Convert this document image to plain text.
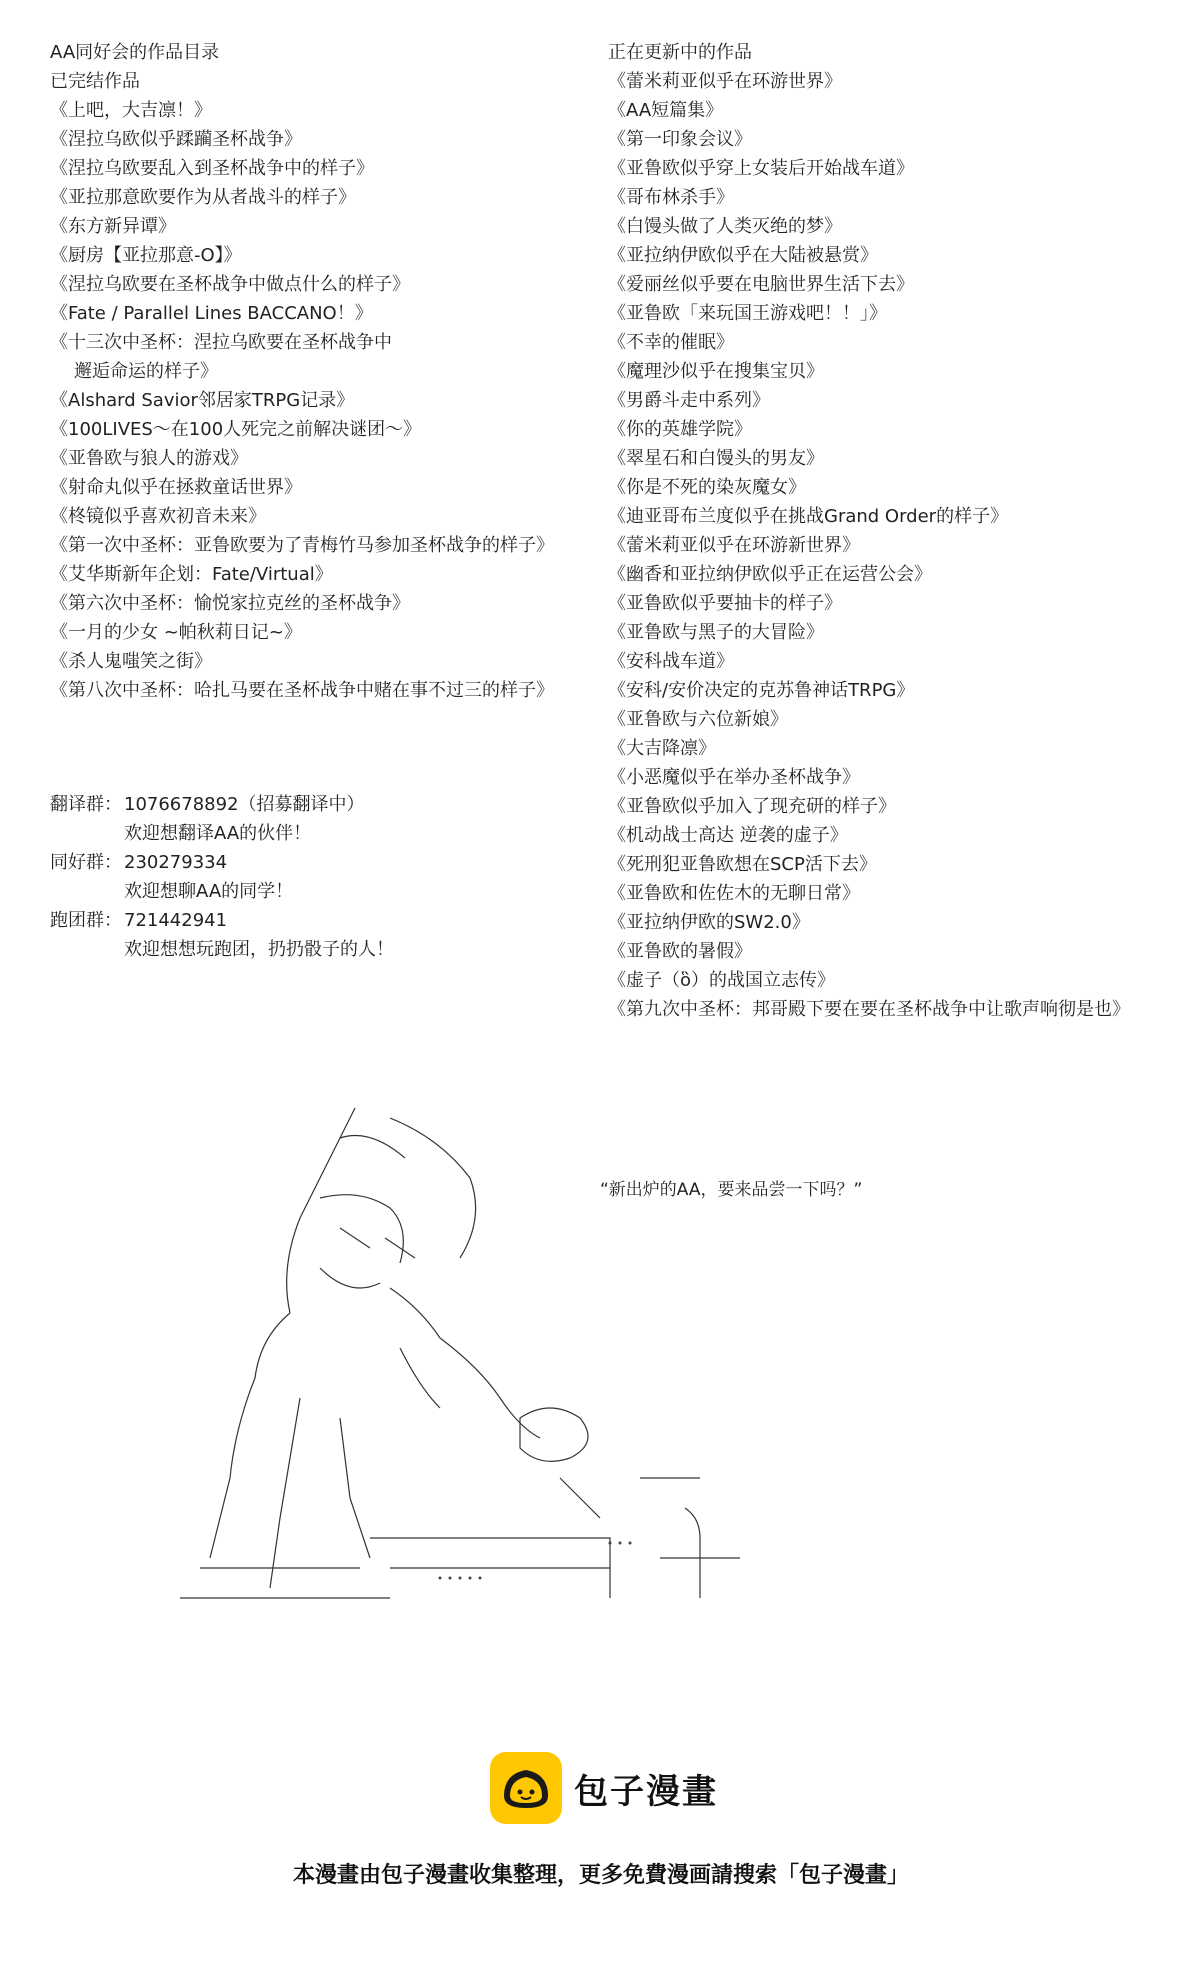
AA同好会的作品目录
已完结作品
《上吧，大吉凛！》
《涅拉乌欧似乎蹂躏圣杯战争》
《涅拉乌欧要乱入到圣杯战争中的样子》
《亚拉那意欧要作为从者战斗的样子》
《东方新异谭》
《厨房【亚拉那意-O】》
《涅拉乌欧要在圣杯战争中做点什么的样子》
《Fate / Parallel Lines BACCANO！》
《十三次中圣杯：涅拉乌欧要在圣杯战争中
邂逅命运的样子》
《Alshard Savior邻居家TRPG记录》
《100LIVES～在100人死完之前解决谜团～》
《亚鲁欧与狼人的游戏》
《射命丸似乎在拯救童话世界》
《柊镜似乎喜欢初音未来》
《第一次中圣杯：亚鲁欧要为了青梅竹马参加圣杯战争的样子》
《艾华斯新年企划：Fate/Virtual》
《第六次中圣杯：愉悦家拉克丝的圣杯战争》
《一月的少女 ~帕秋莉日记~》
《杀人鬼嗤笑之街》
《第八次中圣杯：哈扎马要在圣杯战争中赌在事不过三的样子》
正在更新中的作品
《蕾米莉亚似乎在环游世界》
《AA短篇集》
《第一印象会议》
《亚鲁欧似乎穿上女装后开始战车道》
《哥布林杀手》
《白馒头做了人类灭绝的梦》
《亚拉纳伊欧似乎在大陆被悬赏》
《爱丽丝似乎要在电脑世界生活下去》
《亚鲁欧「来玩国王游戏吧！！」》
《不幸的催眠》
《魔理沙似乎在搜集宝贝》
《男爵斗走中系列》
《你的英雄学院》
《翠星石和白馒头的男友》
《你是不死的染灰魔女》
《迪亚哥布兰度似乎在挑战Grand Order的样子》
《蕾米莉亚似乎在环游新世界》
《幽香和亚拉纳伊欧似乎正在运营公会》
《亚鲁欧似乎要抽卡的样子》
《亚鲁欧与黑子的大冒险》
《安科战车道》
《安科/安价决定的克苏鲁神话TRPG》
《亚鲁欧与六位新娘》
《大吉降凛》
《小恶魔似乎在举办圣杯战争》
《亚鲁欧似乎加入了现充研的样子》
《机动战士高达 逆袭的虚子》
《死刑犯亚鲁欧想在SCP活下去》
《亚鲁欧和佐佐木的无聊日常》
《亚拉纳伊欧的SW2.0》
《亚鲁欧的暑假》
《虚子（ὃ）的战国立志传》
《第九次中圣杯：邦哥殿下要在要在圣杯战争中让歌声响彻是也》
翻译群： 1076678892（招募翻译中）
欢迎想翻译AA的伙伴！
同好群： 230279334
欢迎想聊AA的同学！
跑团群： 721442941
欢迎想想玩跑团，扔扔骰子的人！
“新出炉的AA，要来品尝一下吗？”
包子漫畫
本漫畫由包子漫畫收集整理，更多免費漫画請搜索「包子漫畫」
